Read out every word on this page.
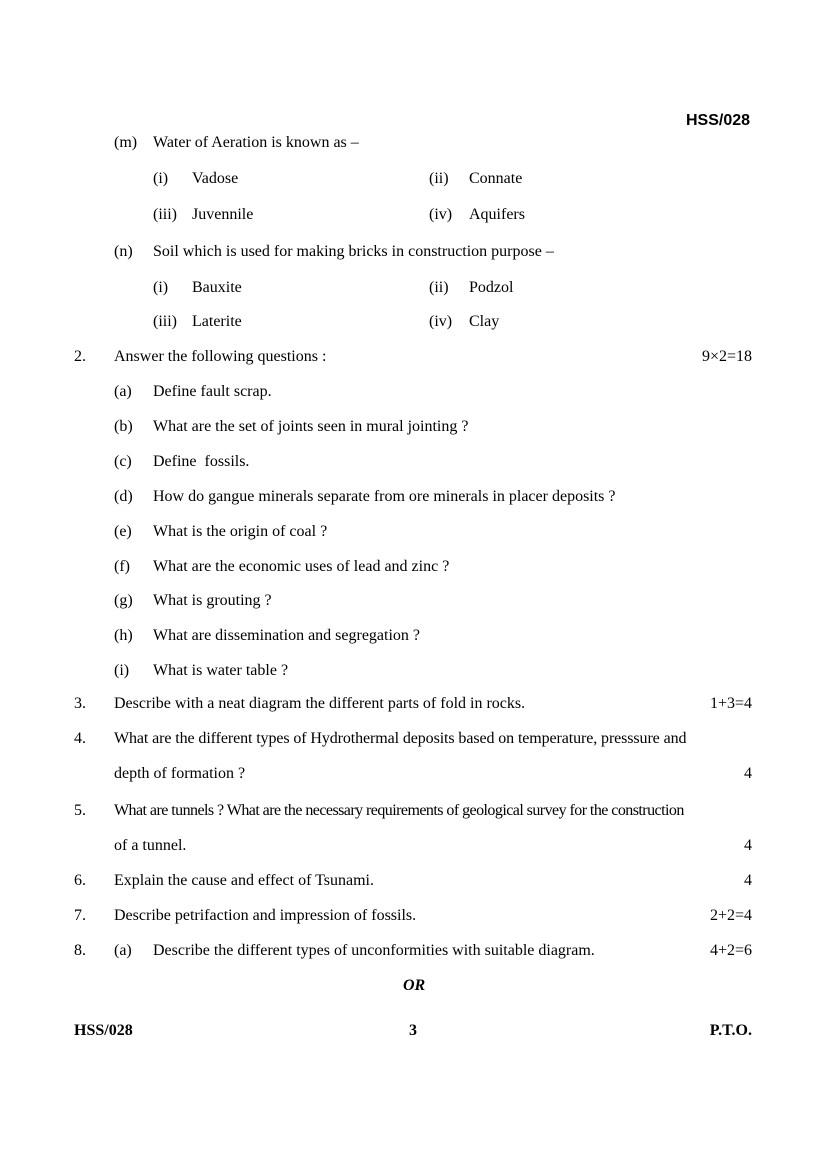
HSS/028
(m) Water of Aeration is known as –
(i) Vadose	(ii) Connate
(iii) Juvennile	(iv) Aquifers
(n) Soil which is used for making bricks in construction purpose –
(i) Bauxite	(ii) Podzol
(iii) Laterite	(iv) Clay
2. Answer the following questions :	9×2=18
(a) Define fault scrap.
(b) What are the set of joints seen in mural jointing ?
(c) Define  fossils.
(d) How do gangue minerals separate from ore minerals in placer deposits ?
(e) What is the origin of coal ?
(f) What are the economic uses of lead and zinc ?
(g) What is grouting ?
(h) What are dissemination and segregation ?
(i) What is water table ?
3. Describe with a neat diagram the different parts of fold in rocks.	1+3=4
4. What are the different types of Hydrothermal deposits based on temperature, presssure and
depth of formation ?	4
5. What are tunnels ? What are the necessary requirements of geological survey for the construction
of a tunnel.	4
6. Explain the cause and effect of Tsunami.	4
7. Describe petrifaction and impression of fossils.	2+2=4
8. (a) Describe the different types of unconformities with suitable diagram.	4+2=6
OR
HSS/028	3	P.T.O.
